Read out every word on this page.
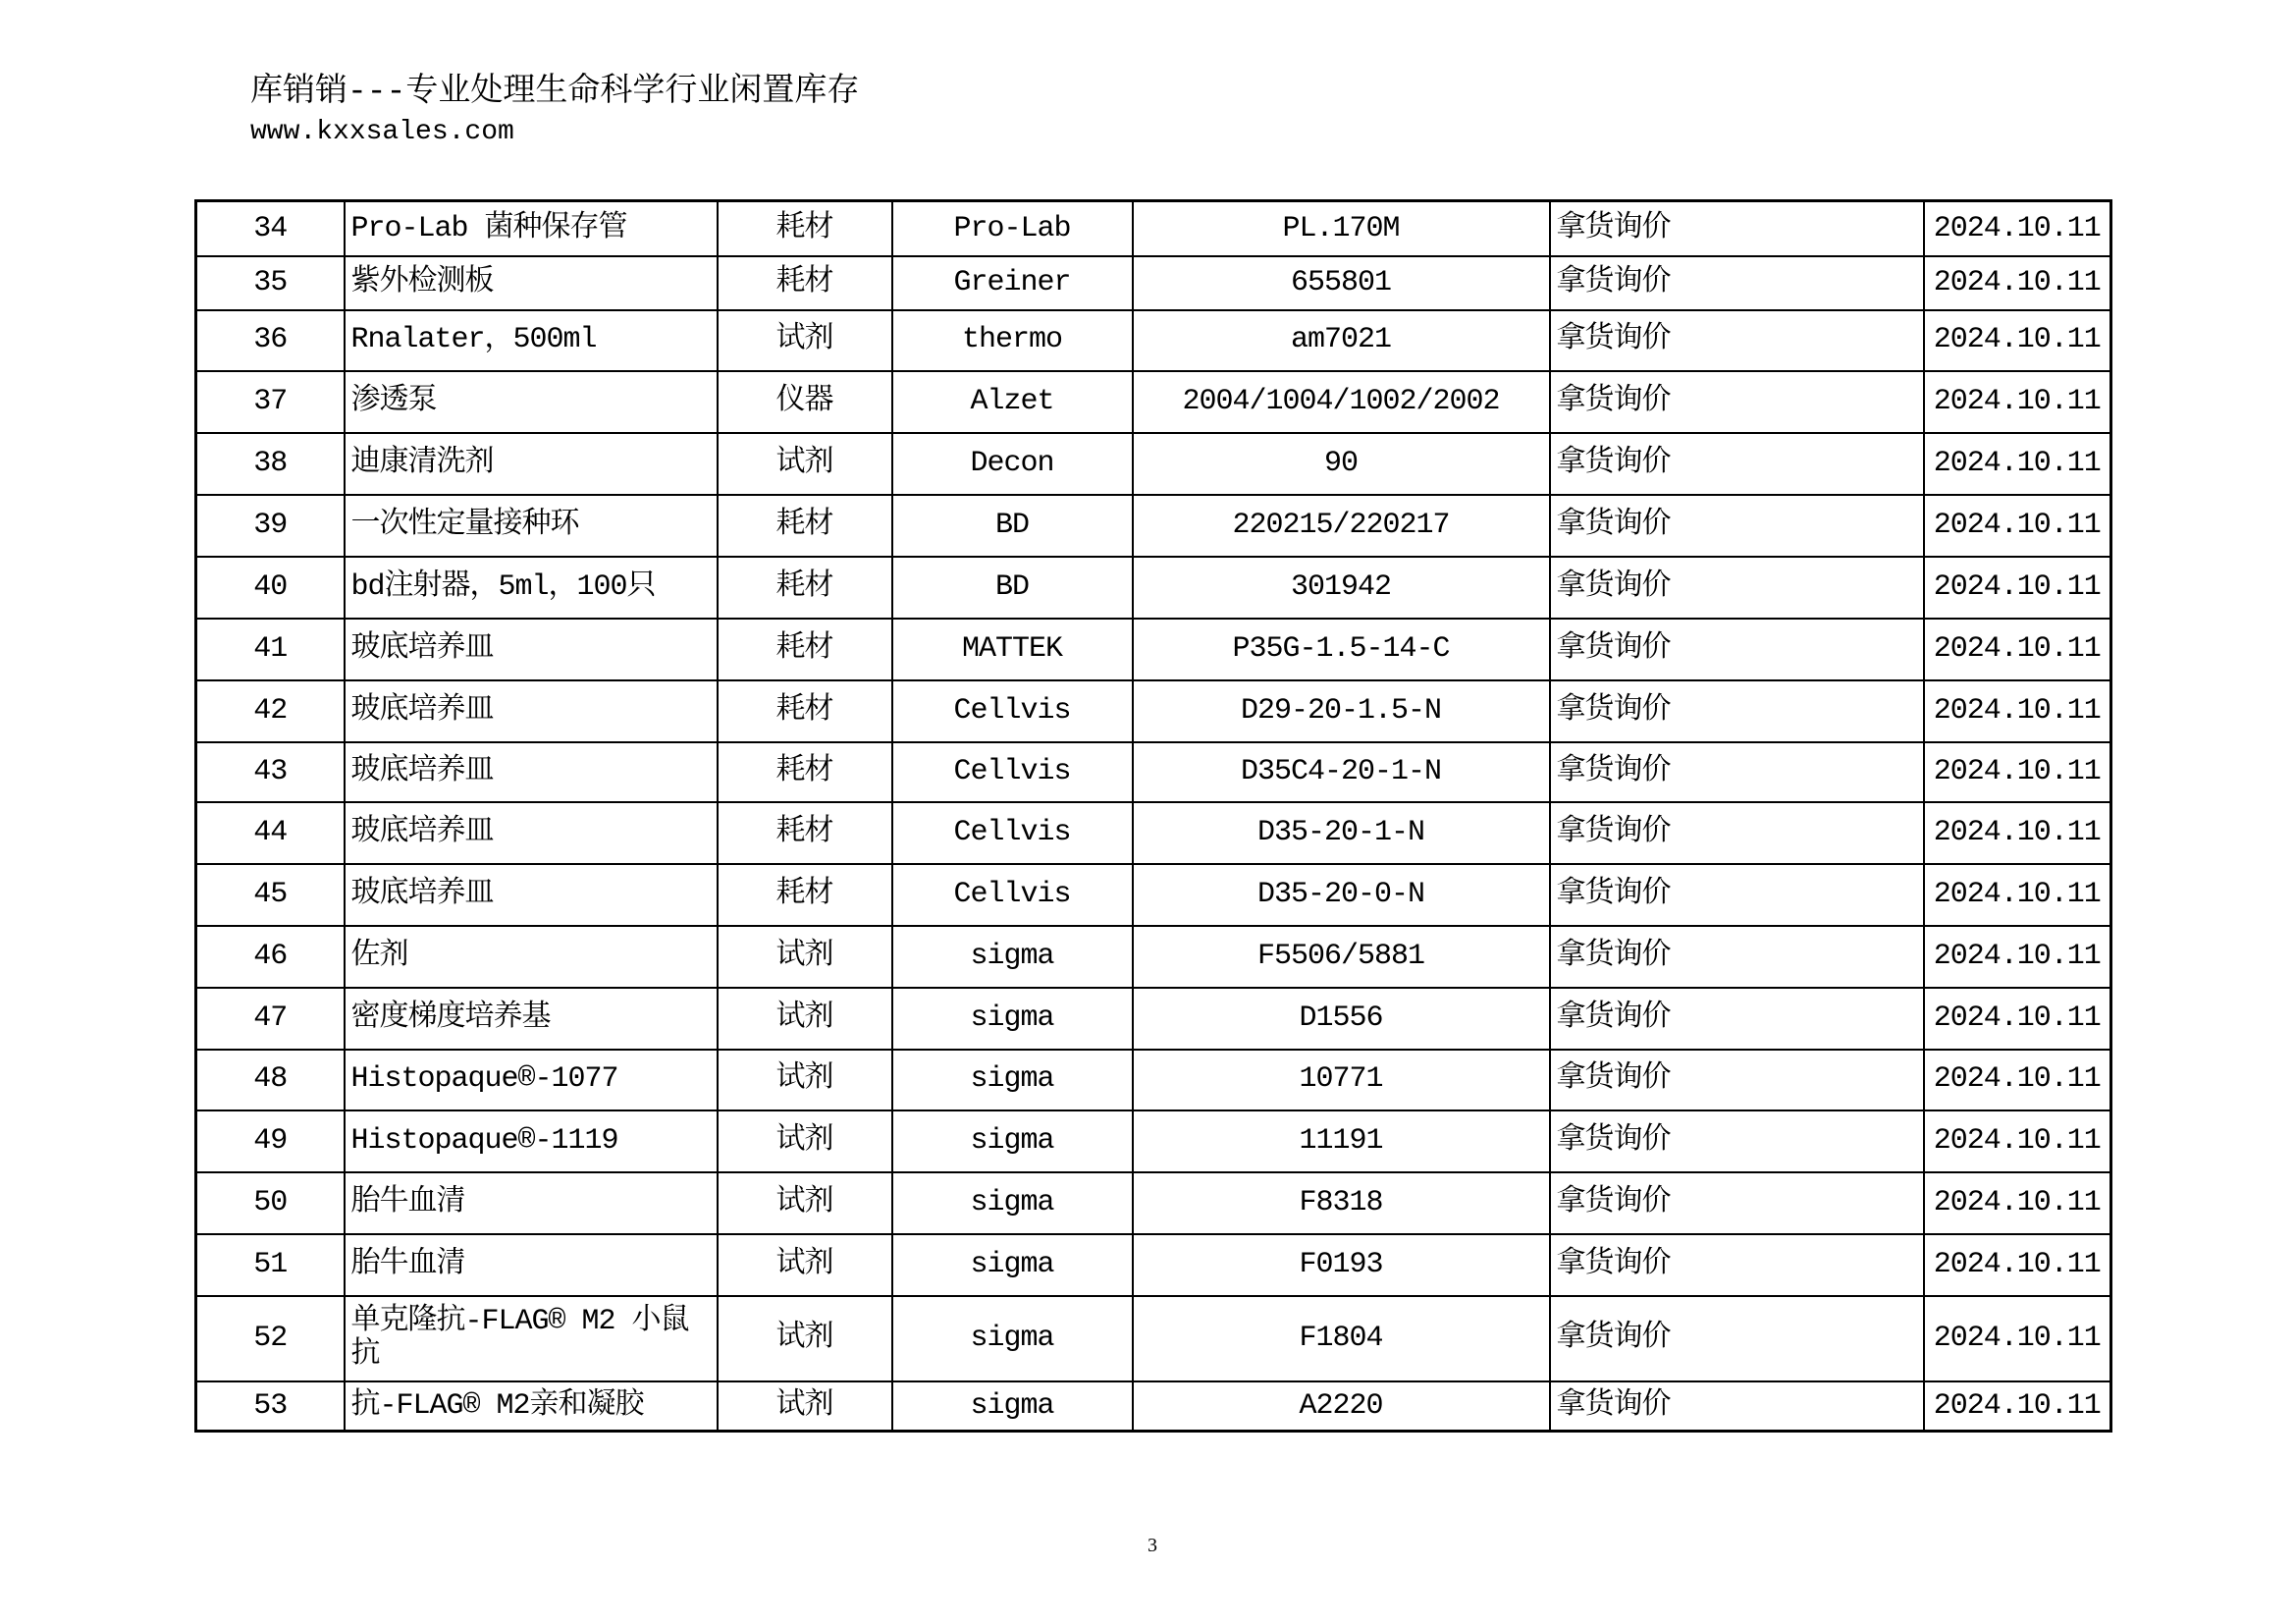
库销销---专业处理生命科学行业闲置库存
www.kxxsales.com
34	Pro-Lab 菌种保存管	耗材	Pro-Lab	PL.170M	拿货询价	2024.10.11
35	紫外检测板	耗材	Greiner	655801	拿货询价	2024.10.11
36	Rnalater，500ml	试剂	thermo	am7021	拿货询价	2024.10.11
37	渗透泵	仪器	Alzet	2004/1004/1002/2002	拿货询价	2024.10.11
38	迪康清洗剂	试剂	Decon	90	拿货询价	2024.10.11
39	一次性定量接种环	耗材	BD	220215/220217	拿货询价	2024.10.11
40	bd注射器，5ml，100只	耗材	BD	301942	拿货询价	2024.10.11
41	玻底培养皿	耗材	MATTEK	P35G-1.5-14-C	拿货询价	2024.10.11
42	玻底培养皿	耗材	Cellvis	D29-20-1.5-N	拿货询价	2024.10.11
43	玻底培养皿	耗材	Cellvis	D35C4-20-1-N	拿货询价	2024.10.11
44	玻底培养皿	耗材	Cellvis	D35-20-1-N	拿货询价	2024.10.11
45	玻底培养皿	耗材	Cellvis	D35-20-0-N	拿货询价	2024.10.11
46	佐剂	试剂	sigma	F5506/5881	拿货询价	2024.10.11
47	密度梯度培养基	试剂	sigma	D1556	拿货询价	2024.10.11
48	Histopaque®-1077	试剂	sigma	10771	拿货询价	2024.10.11
49	Histopaque®-1119	试剂	sigma	11191	拿货询价	2024.10.11
50	胎牛血清	试剂	sigma	F8318	拿货询价	2024.10.11
51	胎牛血清	试剂	sigma	F0193	拿货询价	2024.10.11
52	单克隆抗-FLAG® M2 小鼠抗	试剂	sigma	F1804	拿货询价	2024.10.11
53	抗-FLAG® M2亲和凝胶	试剂	sigma	A2220	拿货询价	2024.10.11
3
